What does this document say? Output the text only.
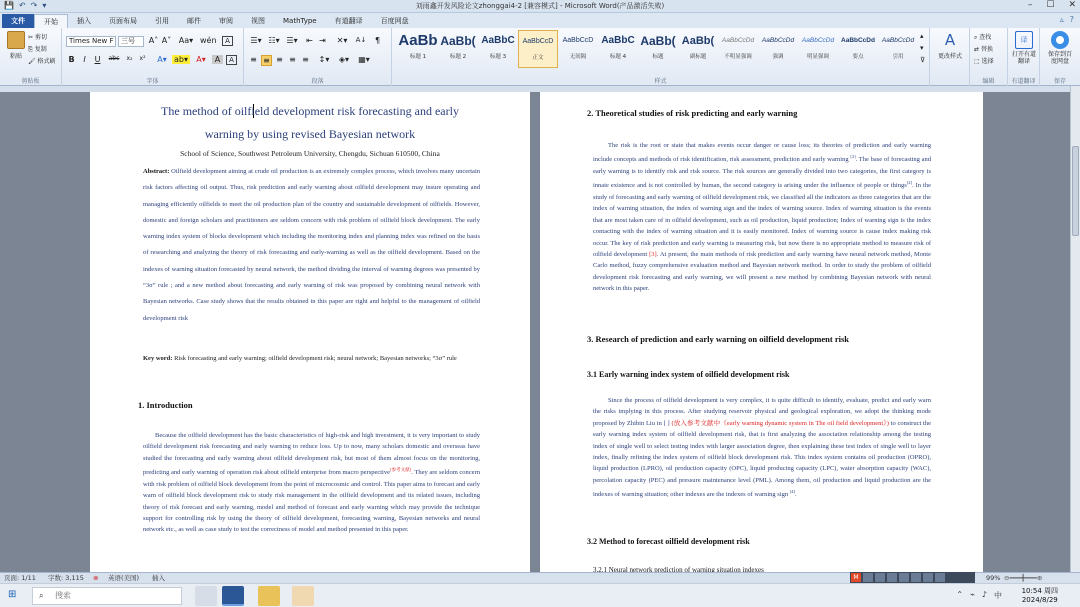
💾 ↶ ↷ ▾	刘雨鑫开发风险论文zhonggai4-2 [兼容模式] - Microsoft Word(产品激活失败)	– ☐ ✕
文件	开始	插入	页面布局	引用	邮件	审阅	视图	MathType	有道翻译	百度网盘	▵ ?
粘贴
✂ 剪切
⎘ 复制
🖌 格式刷
剪贴板
Times New F	三号	A˄ A˅ Aa▾ wén	A
B	I	U	abc	x₂	x²	A▾ ab▾	A▾	A	A
字体
☰▾ ☷▾ ☰▾	⇤ ⇥	✕▾	A↓	¶
≡ ≡ ≡ ≡ ≡	↕▾	◈▾	▦▾
段落
AaBb
标题 1
AaBb(
标题 2
AaBbC
标题 3
AaBbCcD
正文
AaBbCcD
无间隔
AaBbC
标题 4
AaBb(
标题
AaBb(
副标题
AaBbCcDd
不明显强调
AaBbCcDd
强调
AaBbCcDd
明显强调
AaBbCcDd
要点
AaBbCcDd
引用
▴
▾
⊽
样式
A
更改样式
⌕ 查找
⇄ 替换
⬚ 选择
编辑
译
打开有道翻译
有道翻译
保存到百度网盘
保存
The method of oilfield development risk forecasting and early
warning by using revised Bayesian network
School of Science, Southwest Petroleum University, Chengdu, Sichuan 610500, China
Abstract: Oilfield development aiming at crude oil production is an extremely complex process, which involves many uncertain risk factors affecting oil output. Thus, risk prediction and early warning about oilfield development may insure operating and managing efficiently oilfields to meet the oil production plan of the country and sustainable development of oilfields. However, domestic and foreign scholars and practitioners are seldom concern with risk problem of oilfield block development. The early warning index system of blocks development which including the monitoring index and planning index was refined on the basis of researching and analyzing the theory of risk forecasting and early-warning as well as the oilfield development. Based on the indexes of warning situation forecasted by neural network, the method dividing the interval of warning degrees was presented by “3σ” rule ; and a new method about forecasting and early warning of risk was proposed by combining neural network with Bayesian networks. Case study shows that the results obtained in this paper are right and helpful to the management of oilfield development risk
Key word: Risk forecasting and early warning; oilfield development risk; neural network; Bayesian networks; “3σ” rule
1. Introduction
Because the oilfield development has the basic characteristics of high-risk and high investment, it is very important to study oilfield development risk forecasting and early warning to reduce loss. Up to now, many scholars domestic and overseas have studied the forecasting and early warning about oilfield development risk, but most of them almost focus on the monitoring, predicting and early warning of operation risk about oilfield enterprise from macro perspective[参考文献]. They are seldom concern with risk problem of oilfield block development from the point of microcosmic and control. This paper aims to forecast and early warn of oilfield block development risk to study risk management in the oilfield development and its related issues, including theory of risk forecast and early warning, model and method of forecast and early warning which may provide the technique support for controlling risk by using the theory of oilfield development, forecasting warning, Bayesian networks and neural network etc., as well as case study to test the correctness of model and method presented in this paper.
2. Theoretical studies of risk predicting and early warning
The risk is the root or state that makes events occur danger or cause loss; its theories of prediction and early warning include concepts and methods of risk identification, risk assessment, prediction and early warning [2]. The base of forecasting and early warning is to identify risk and risk source. The risk sources are generally divided into two categories, the first category is innate existence and is not controlled by human, the second category is arising under the influence of people or things[2]. In the study of forecasting and early warning of oilfield development risk, we classified all the indicators as three categories that are the index of warning situation, the index of warning sign and the index of warning source. Index of warning situation is the events that are most taken care of in oilfield development, such as oil production, liquid production; Index of warning sign is the index contacting with the index of warning situation and it is easily monitored. Index of warning source is cause index making risk occur. The key of risk prediction and early warning is measuring risk, but now there is no appropriate method to measure risk of oilfield development [3]. At present, the main methods of risk prediction and early warning have neural network method, Monte Carlo method, fuzzy comprehensive evaluation method and Bayesian network method. In order to study the problem of oilfield development risk forecasting and early warning, we will present a new method by combining Bayesian network with neural network in this paper.
3. Research of prediction and early warning on oilfield development risk
3.1 Early warning index system of oilfield development risk
Since the process of oilfield development is very complex, it is quite difficult to identify, evaluate, predict and early warn the risks implying in this process. After studying reservoir physical and geological exploration, we adopt the thinking mode proposed by Zhibin Liu in [ ] (放入参考文献中《early warning dynamic system in The oil field development》) to construct the early warning index system of oilfield development risk, that is first analyzing the association relationship among the testing index of single well to select testing index with larger association degree, then explaining these test index of single well to layer index, finally refining the index system of oilfield block development risk. This index system contains oil production (OPRO), liquid production (LPRO), oil production capacity (OPC), liquid producing capacity (LPC), water absorption capacity (WAC), percolation capacity (PEC) and pressure maintenance level (PML). Among them, oil production and liquid production are the indexes of warning situation; other indexes are the indexes of warning sign [4].
3.2 Method to forecast oilfield development risk
3.2.1 Neural network prediction of warning situation indexes
页面: 1/11 字数: 3,115 ⊗ 英语(美国) 插入	99% ⊖━━━╋━━━⊕
M
⊞	⌕ 搜索	⌃ ⌁ ♪ 中	10:54 周四
2024/8/29
